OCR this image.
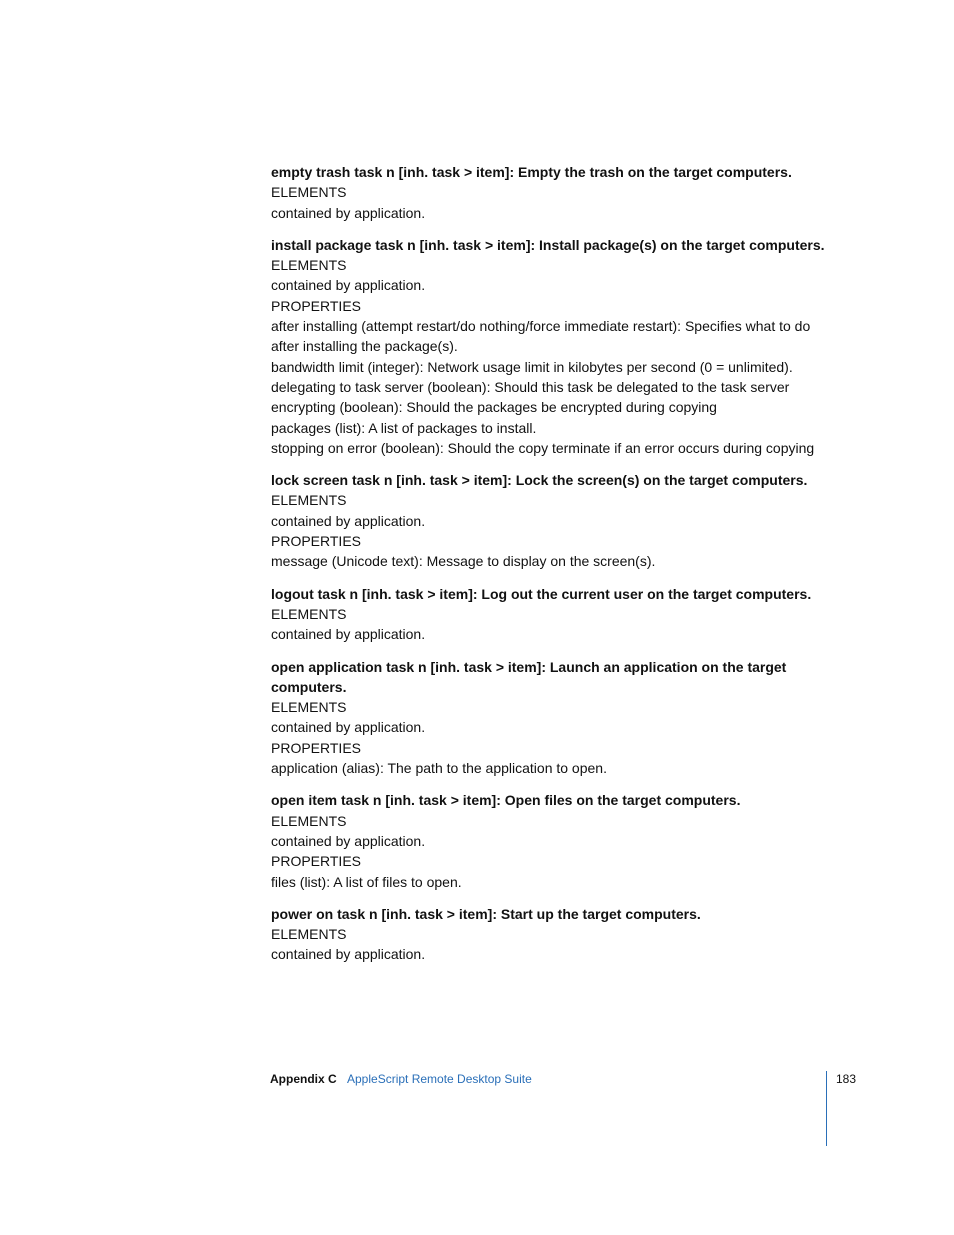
empty trash task n [inh. task > item]: Empty the trash on the target computers.

ELEMENTS

contained by application.

install package task n [inh. task > item]: Install package(s) on the target computers.

ELEMENTS

contained by application.

PROPERTIES

after installing (attempt restart/do nothing/force immediate restart): Specifies what to do after installing the package(s).

bandwidth limit (integer): Network usage limit in kilobytes per second (0 = unlimited).

delegating to task server (boolean): Should this task be delegated to the task server

encrypting (boolean): Should the packages be encrypted during copying

packages (list): A list of packages to install.

stopping on error (boolean): Should the copy terminate if an error occurs during copying

lock screen task n [inh. task > item]: Lock the screen(s) on the target computers.

ELEMENTS

contained by application.

PROPERTIES

message (Unicode text): Message to display on the screen(s).

logout task n [inh. task > item]: Log out the current user on the target computers.

ELEMENTS

contained by application.

open application task n [inh. task > item]: Launch an application on the target computers.

ELEMENTS

contained by application.

PROPERTIES

application (alias): The path to the application to open.

open item task n [inh. task > item]: Open files on the target computers.

ELEMENTS

contained by application.

PROPERTIES

files (list): A list of files to open.

power on task n [inh. task > item]: Start up the target computers.

ELEMENTS

contained by application.

Appendix C AppleScript Remote Desktop Suite	183
